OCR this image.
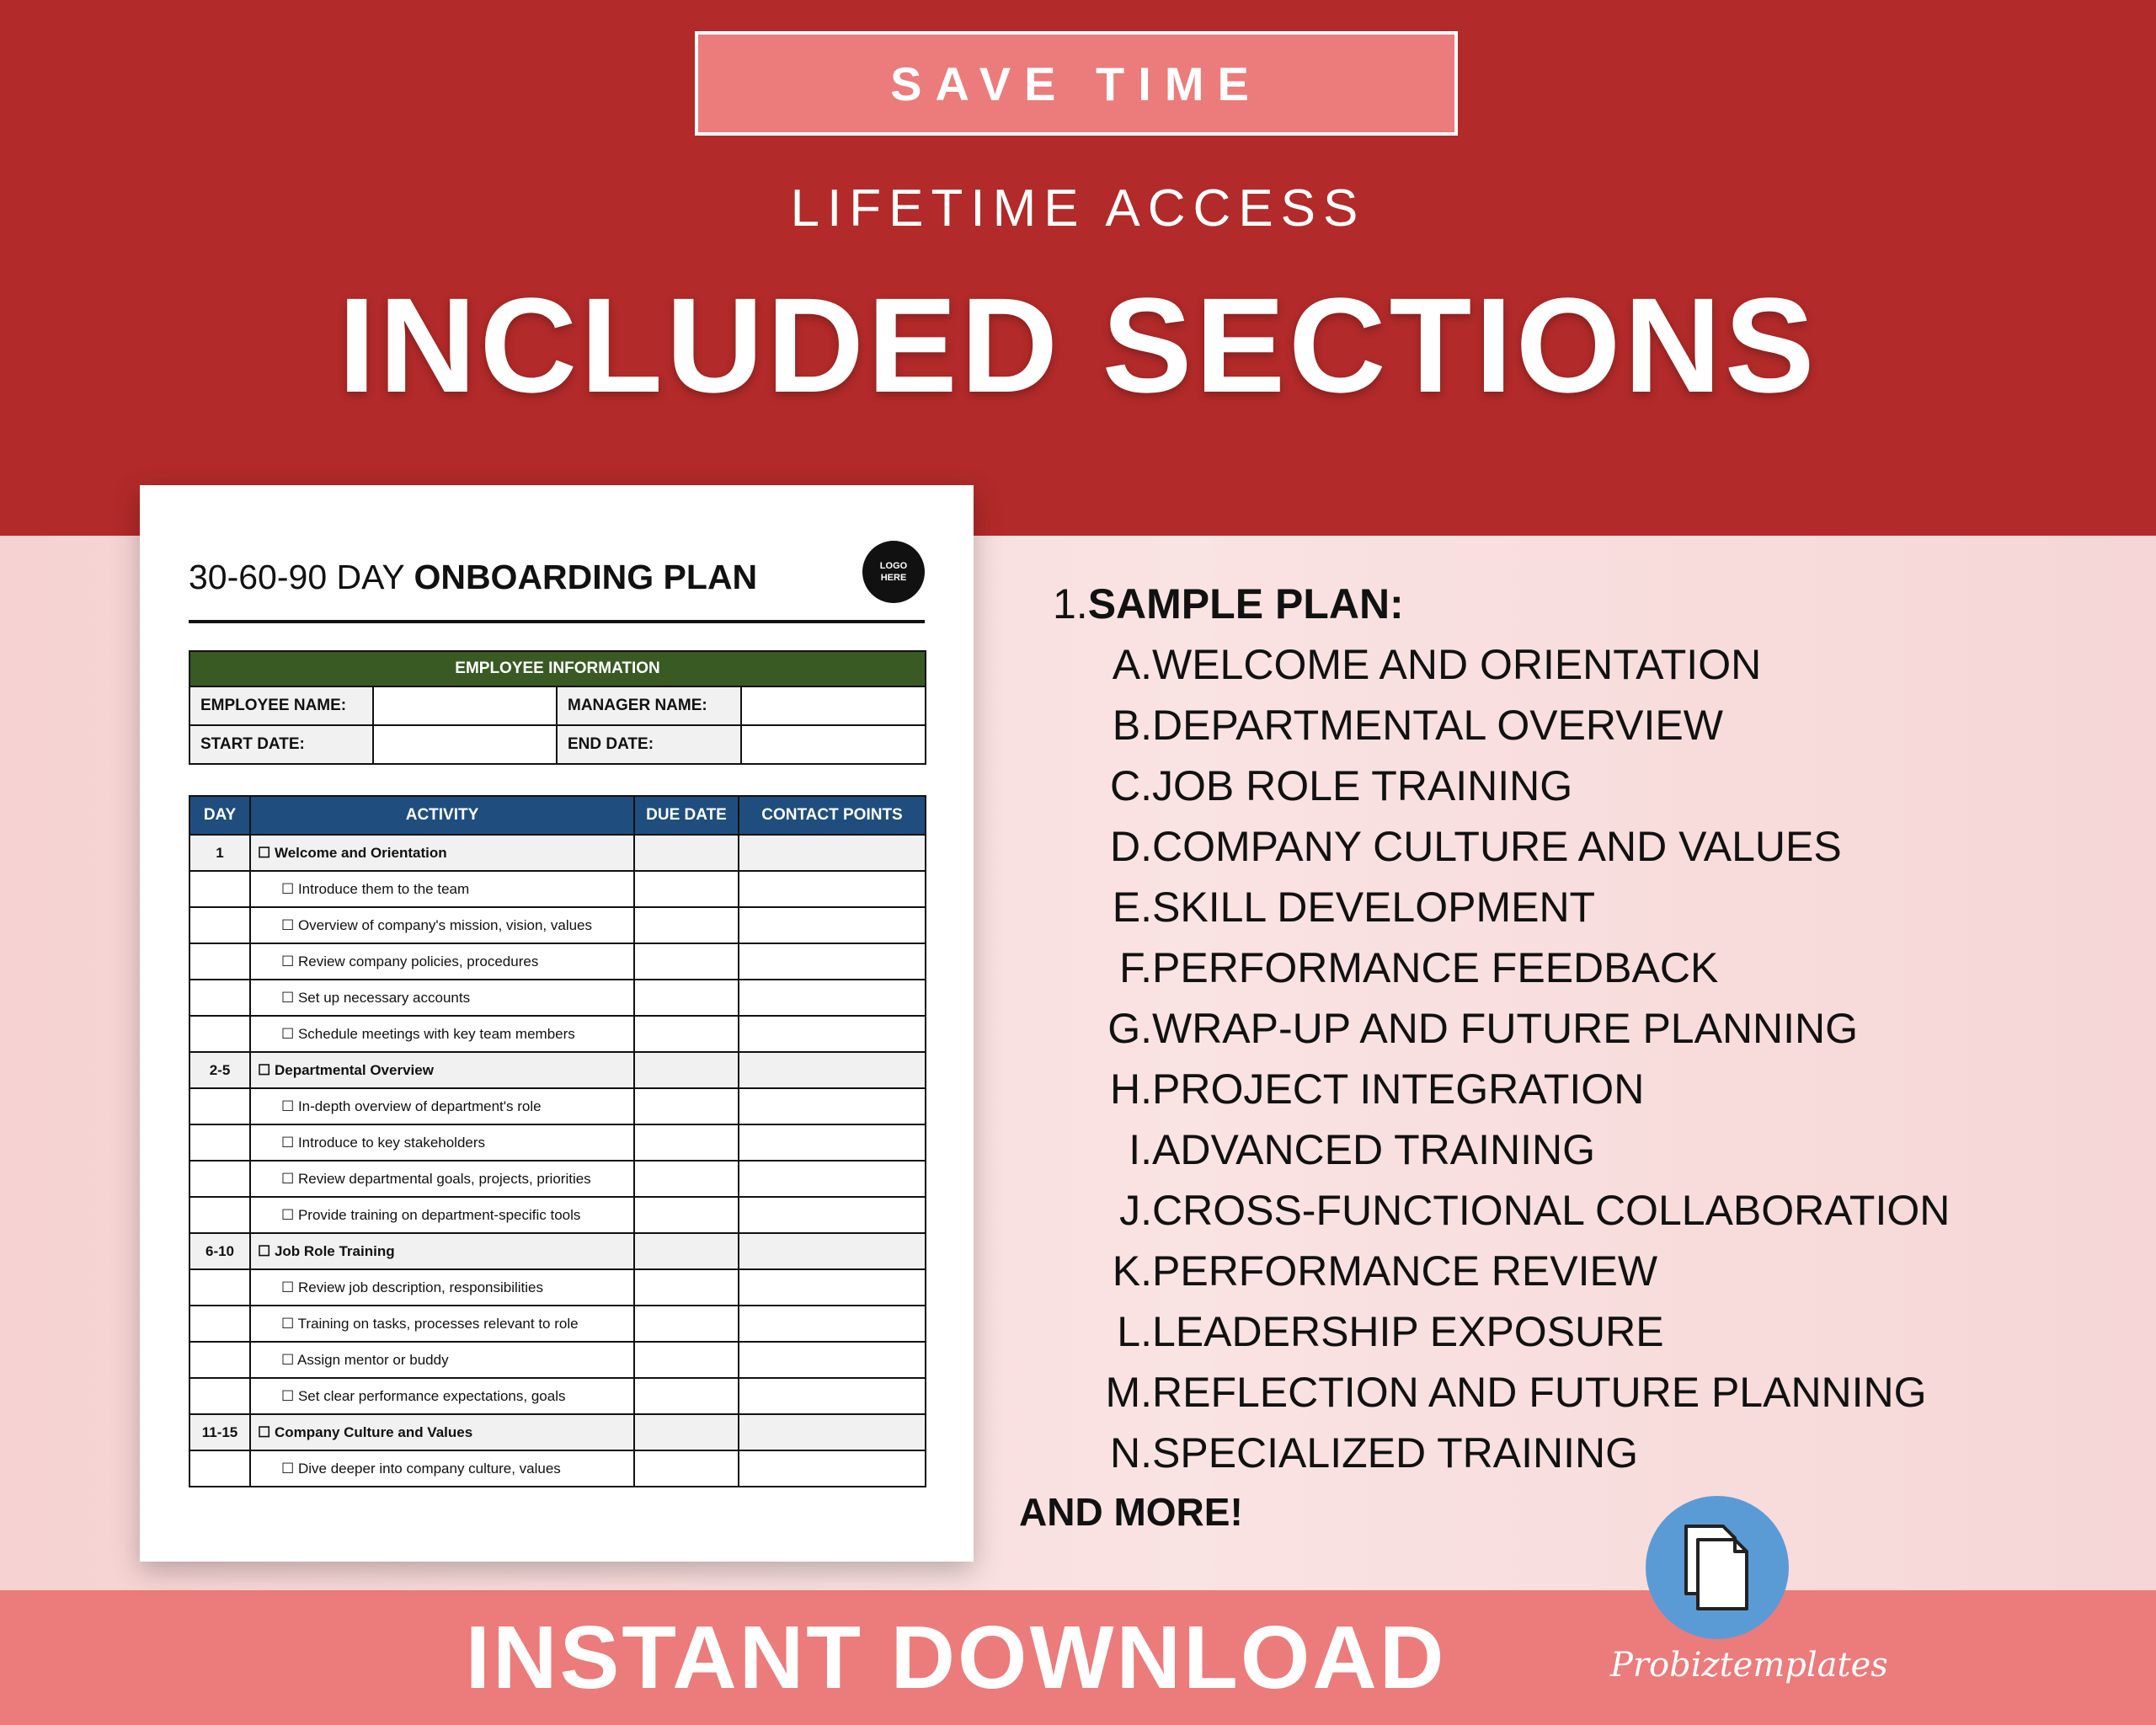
SAVE TIME
LIFETIME ACCESS
INCLUDED SECTIONS
30-60-90 DAY ONBOARDING PLAN	LOGO HERE
EMPLOYEE INFORMATION			
EMPLOYEE NAME:		MANAGER NAME:	
START DATE:		END DATE:	
DAY	ACTIVITY	DUE DATE	CONTACT POINTS
1	☐ Welcome and Orientation		
	☐ Introduce them to the team		
	☐ Overview of company's mission, vision, values		
	☐ Review company policies, procedures		
	☐ Set up necessary accounts		
	☐ Schedule meetings with key team members		
2-5	☐ Departmental Overview		
	☐ In-depth overview of department's role		
	☐ Introduce to key stakeholders		
	☐ Review departmental goals, projects, priorities		
	☐ Provide training on department-specific tools		
6-10	☐ Job Role Training		
	☐ Review job description, responsibilities		
	☐ Training on tasks, processes relevant to role		
	☐ Assign mentor or buddy		
	☐ Set clear performance expectations, goals		
11-15	☐ Company Culture and Values		
	☐ Dive deeper into company culture, values		
1.SAMPLE PLAN:
A.WELCOME AND ORIENTATION
B.DEPARTMENTAL OVERVIEW
C.JOB ROLE TRAINING
D.COMPANY CULTURE AND VALUES
E.SKILL DEVELOPMENT
F.PERFORMANCE FEEDBACK
G.WRAP-UP AND FUTURE PLANNING
H.PROJECT INTEGRATION
I.ADVANCED TRAINING
J.CROSS-FUNCTIONAL COLLABORATION
K.PERFORMANCE REVIEW
L.LEADERSHIP EXPOSURE
M.REFLECTION AND FUTURE PLANNING
N.SPECIALIZED TRAINING
AND MORE!
INSTANT DOWNLOAD	Probiztemplates
